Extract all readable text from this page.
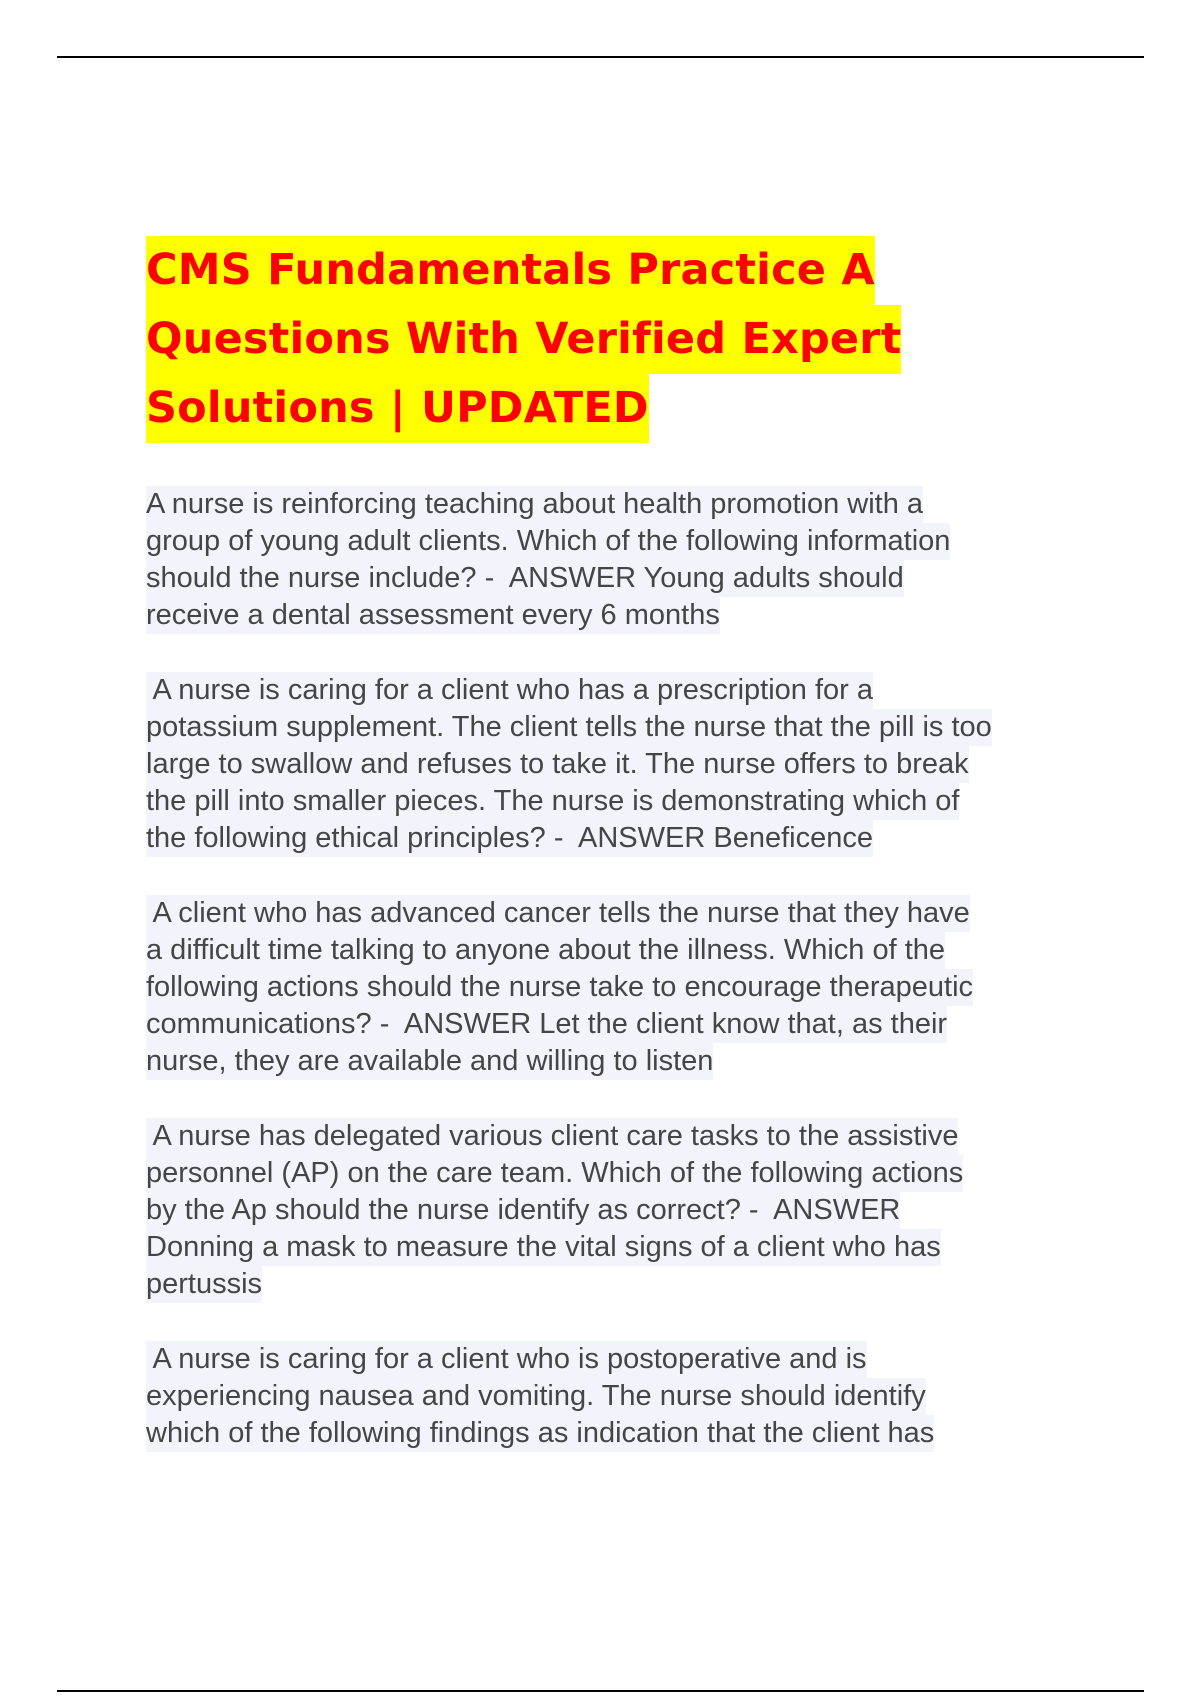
CMS Fundamentals Practice A
Questions With Verified Expert
Solutions | UPDATED
A nurse is reinforcing teaching about health promotion with a
group of young adult clients. Which of the following information
should the nurse include? -  ANSWER Young adults should
receive a dental assessment every 6 months
A nurse is caring for a client who has a prescription for a
potassium supplement. The client tells the nurse that the pill is too
large to swallow and refuses to take it. The nurse offers to break
the pill into smaller pieces. The nurse is demonstrating which of
the following ethical principles? -  ANSWER Beneficence
A client who has advanced cancer tells the nurse that they have
a difficult time talking to anyone about the illness. Which of the
following actions should the nurse take to encourage therapeutic
communications? -  ANSWER Let the client know that, as their
nurse, they are available and willing to listen
A nurse has delegated various client care tasks to the assistive
personnel (AP) on the care team. Which of the following actions
by the Ap should the nurse identify as correct? -  ANSWER
Donning a mask to measure the vital signs of a client who has
pertussis
A nurse is caring for a client who is postoperative and is
experiencing nausea and vomiting. The nurse should identify
which of the following findings as indication that the client has
